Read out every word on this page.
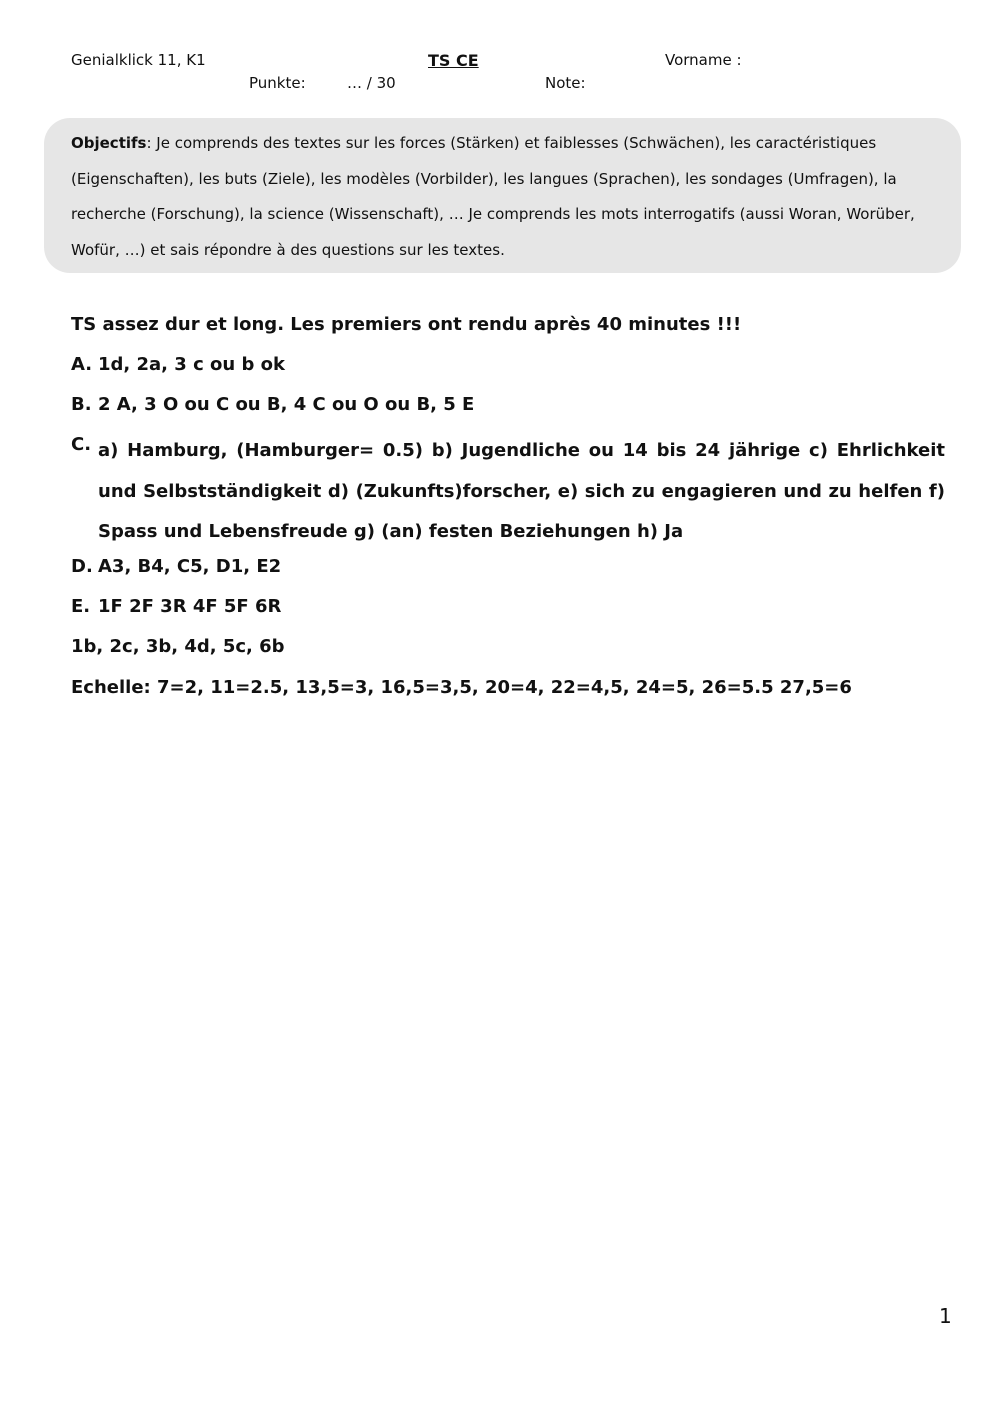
Genialklick 11, K1	TS CE	Vorname :
Punkte:	… / 30	Note:
Objectifs: Je comprends des textes sur les forces (Stärken) et faiblesses (Schwächen), les caractéristiques (Eigenschaften), les buts (Ziele), les modèles (Vorbilder), les langues (Sprachen), les sondages (Umfragen), la recherche (Forschung), la science (Wissenschaft), … Je comprends les mots interrogatifs (aussi Woran, Worüber, Wofür, …) et sais répondre à des questions sur les textes.
TS assez dur et long. Les premiers ont rendu après 40 minutes !!!
A. 1d, 2a, 3 c ou b ok
B. 2 A, 3 O ou C ou B, 4 C ou O ou B, 5 E
C. a) Hamburg, (Hamburger= 0.5) b) Jugendliche ou 14 bis 24 jährige c) Ehrlichkeit und Selbstständigkeit d) (Zukunfts)forscher, e) sich zu engagieren und zu helfen f) Spass und Lebensfreude g) (an) festen Beziehungen h) Ja
D. A3, B4, C5, D1, E2
E. 1F 2F 3R 4F 5F 6R
1b, 2c, 3b, 4d, 5c, 6b
Echelle: 7=2, 11=2.5, 13,5=3, 16,5=3,5, 20=4, 22=4,5, 24=5, 26=5.5 27,5=6
1
